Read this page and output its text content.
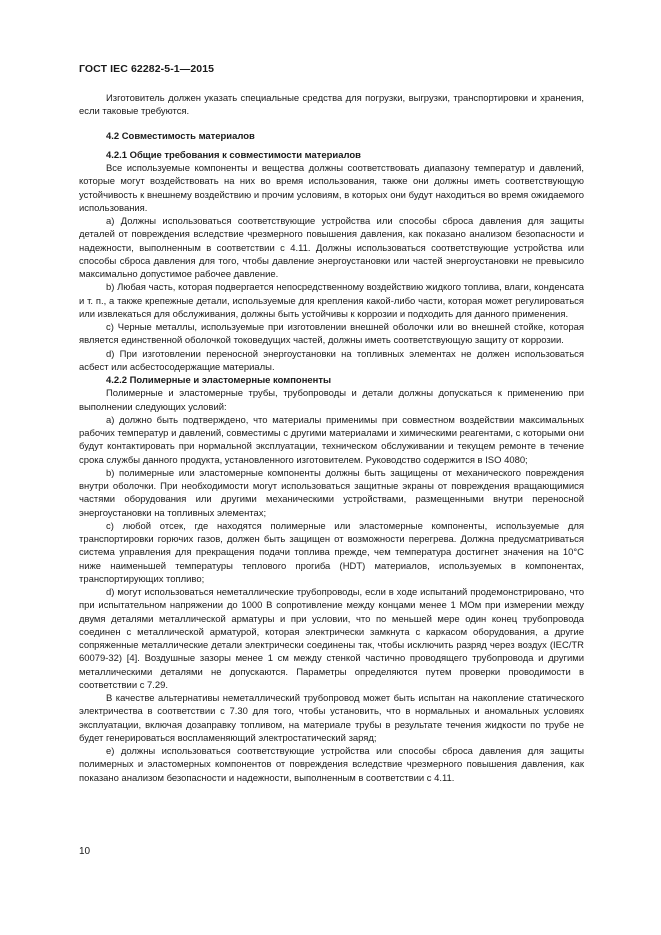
ГОСТ IEC 62282-5-1—2015

Изготовитель должен указать специальные средства для погрузки, выгрузки, транспортировки и хранения, если таковые требуются.

4.2 Совместимость материалов
4.2.1 Общие требования к совместимости материалов

Все используемые компоненты и вещества должны соответствовать диапазону температур и давлений, которые могут воздействовать на них во время использования, также они должны иметь соответствующую устойчивость к внешнему воздействию и прочим условиям, в которых они будут находиться во время ожидаемого использования.

а) Должны использоваться соответствующие устройства или способы сброса давления для защиты деталей от повреждения вследствие чрезмерного повышения давления, как показано анализом безопасности и надежности, выполненным в соответствии с 4.11. Должны использоваться соответствующие устройства или способы сброса давления для того, чтобы давление энергоустановки или частей энергоустановки не превысило максимально допустимое рабочее давление.

b) Любая часть, которая подвергается непосредственному воздействию жидкого топлива, влаги, конденсата и т. п., а также крепежные детали, используемые для крепления какой-либо части, которая может регулироваться или извлекаться для обслуживания, должны быть устойчивы к коррозии и подходить для данного применения.

с) Черные металлы, используемые при изготовлении внешней оболочки или во внешней стойке, которая является единственной оболочкой токоведущих частей, должны иметь соответствующую защиту от коррозии.

d) При изготовлении переносной энергоустановки на топливных элементах не должен использоваться асбест или асбестосодержащие материалы.

4.2.2 Полимерные и эластомерные компоненты

Полимерные и эластомерные трубы, трубопроводы и детали должны допускаться к применению при выполнении следующих условий:

а) должно быть подтверждено, что материалы применимы при совместном воздействии максимальных рабочих температур и давлений, совместимы с другими материалами и химическими реагентами, с которыми они будут контактировать при нормальной эксплуатации, техническом обслуживании и текущем ремонте в течение срока службы данного продукта, установленного изготовителем. Руководство содержится в ISO 4080;

b) полимерные или эластомерные компоненты должны быть защищены от механического повреждения внутри оболочки. При необходимости могут использоваться защитные экраны от повреждения вращающимися частями оборудования или другими механическими устройствами, размещенными внутри переносной энергоустановки на топливных элементах;

с) любой отсек, где находятся полимерные или эластомерные компоненты, используемые для транспортировки горючих газов, должен быть защищен от возможности перегрева. Должна предусматриваться система управления для прекращения подачи топлива прежде, чем температура достигнет значения на 10°С ниже наименьшей температуры теплового прогиба (HDT) материалов, используемых в компонентах, транспортирующих топливо;

d) могут использоваться неметаллические трубопроводы, если в ходе испытаний продемонстрировано, что при испытательном напряжении до 1000 В сопротивление между концами менее 1 МОм при измерении между двумя деталями металлической арматуры и при условии, что по меньшей мере один конец трубопровода соединен с металлической арматурой, которая электрически замкнута с каркасом оборудования, а другие сопряженные металлические детали электрически соединены так, чтобы исключить разряд через воздух (IEC/TR 60079-32) [4]. Воздушные зазоры менее 1 см между стенкой частично проводящего трубопровода и другими металлическими деталями не допускаются. Параметры определяются путем проверки проводимости в соответствии с 7.29.

В качестве альтернативы неметаллический трубопровод может быть испытан на накопление статического электричества в соответствии с 7.30 для того, чтобы установить, что в нормальных и аномальных условиях эксплуатации, включая дозаправку топливом, на материале трубы в результате течения жидкости по трубе не будет генерироваться воспламеняющий электростатический заряд;

е) должны использоваться соответствующие устройства или способы сброса давления для защиты полимерных и эластомерных компонентов от повреждения вследствие чрезмерного повышения давления, как показано анализом безопасности и надежности, выполненным в соответствии с 4.11.

10
